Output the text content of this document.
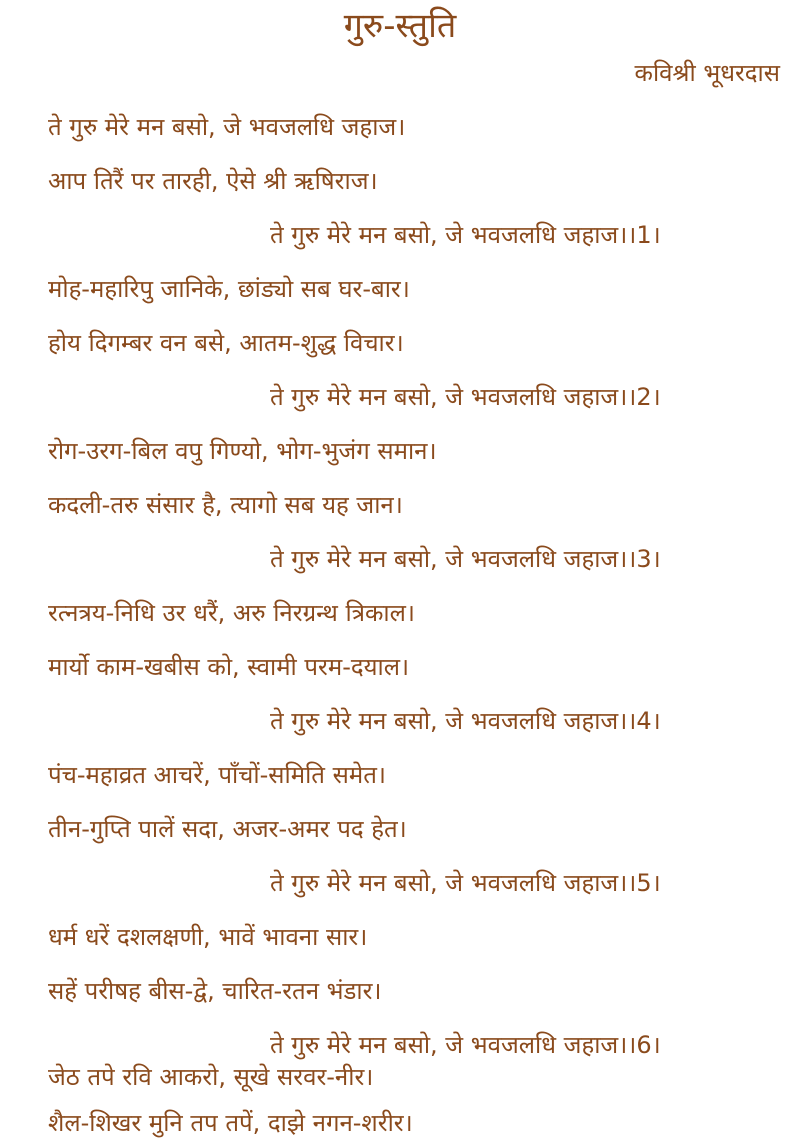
गुरु-स्तुति
कविश्री भूधरदास
ते गुरु मेरे मन बसो, जे भवजलधि जहाज।
आप तिरैं पर तारही, ऐसे श्री ऋषिराज।
ते गुरु मेरे मन बसो, जे भवजलधि जहाज।।1।
मोह-महारिपु जानिके, छांड्यो सब घर-बार।
होय दिगम्बर वन बसे, आतम-शुद्ध विचार।
ते गुरु मेरे मन बसो, जे भवजलधि जहाज।।2।
रोग-उरग-बिल वपु गिण्यो, भोग-भुजंग समान।
कदली-तरु संसार है, त्यागो सब यह जान।
ते गुरु मेरे मन बसो, जे भवजलधि जहाज।।3।
रत्नत्रय-निधि उर धरैं, अरु निरग्रन्थ त्रिकाल।
मार्यो काम-खबीस को, स्वामी परम-दयाल।
ते गुरु मेरे मन बसो, जे भवजलधि जहाज।।4।
पंच-महाव्रत आचरें, पाँचों-समिति समेत।
तीन-गुप्ति पालें सदा, अजर-अमर पद हेत।
ते गुरु मेरे मन बसो, जे भवजलधि जहाज।।5।
धर्म धरें दशलक्षणी, भावें भावना सार।
सहें परीषह बीस-द्वे, चारित-रतन भंडार।
ते गुरु मेरे मन बसो, जे भवजलधि जहाज।।6।
जेठ तपे रवि आकरो, सूखे सरवर-नीर।
शैल-शिखर मुनि तप तपें, दाझे नगन-शरीर।
